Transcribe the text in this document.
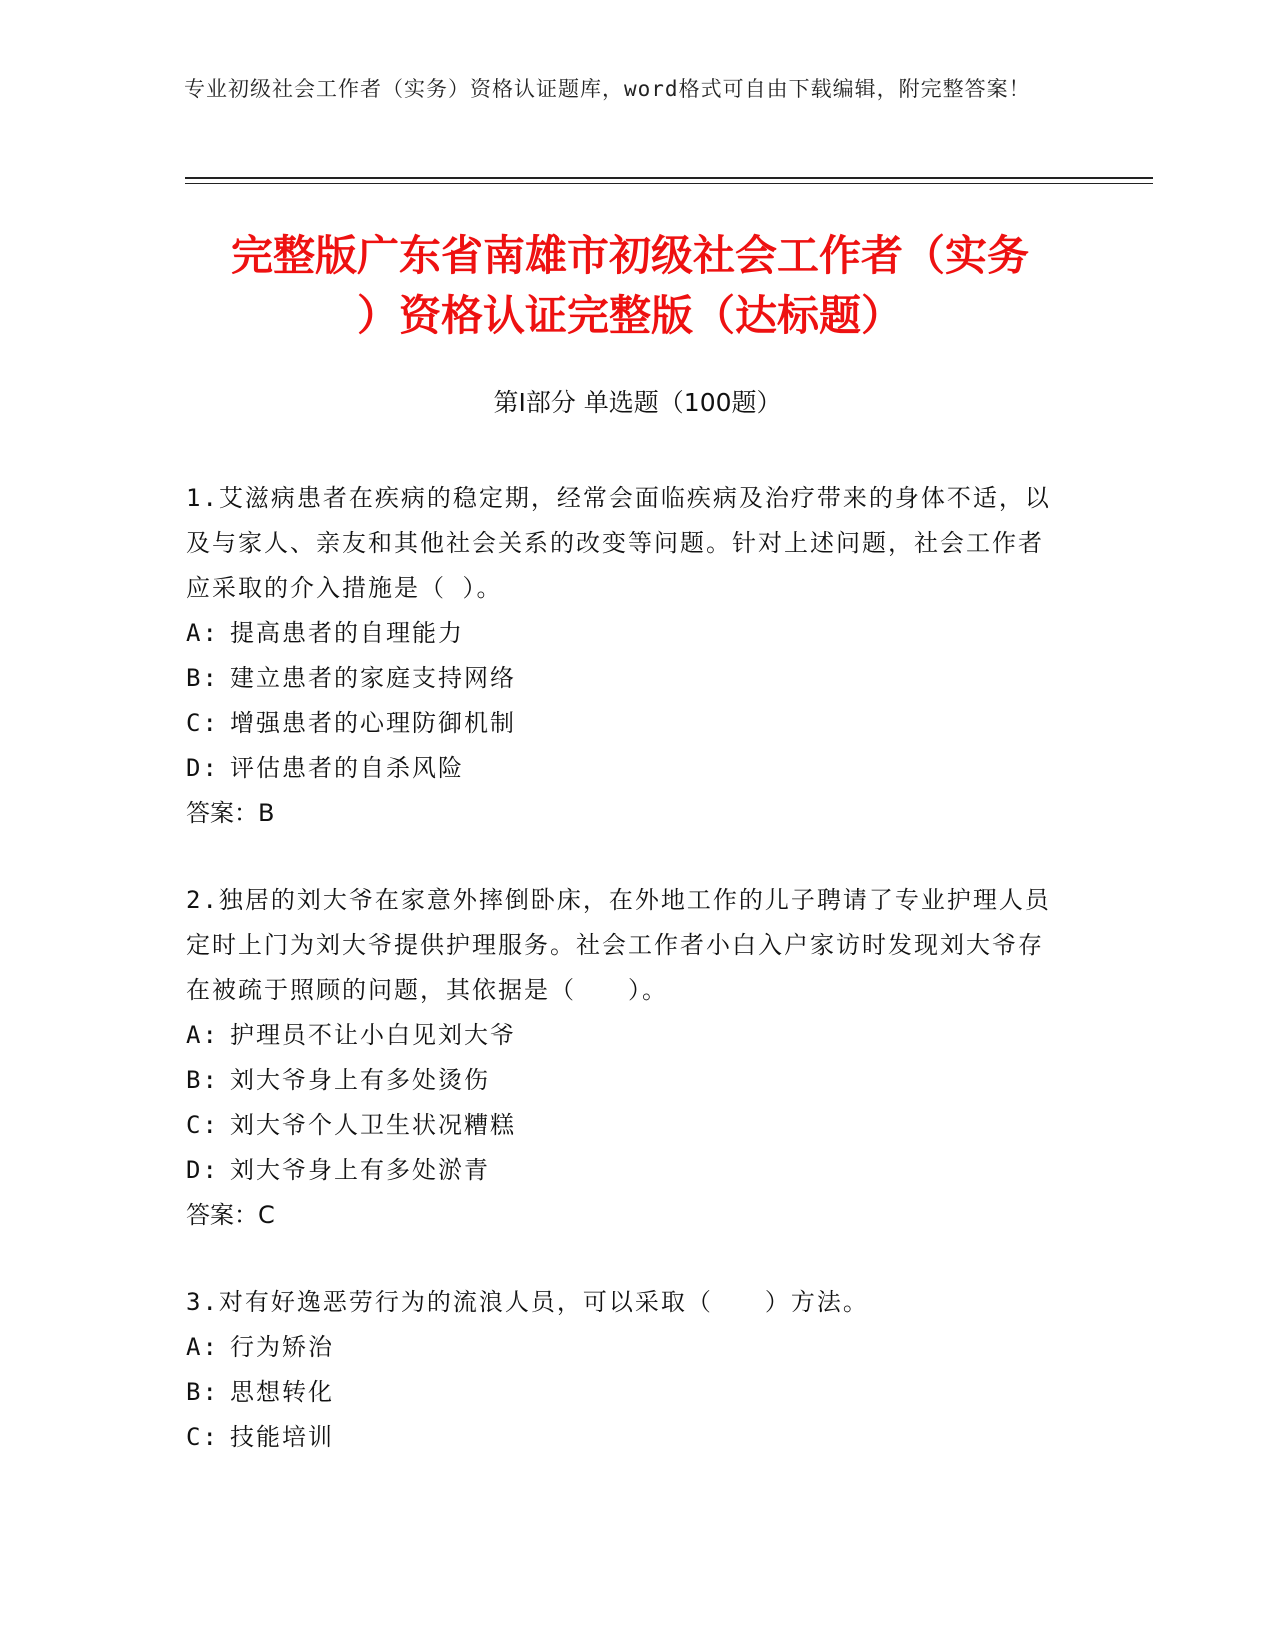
专业初级社会工作者（实务）资格认证题库，word格式可自由下载编辑，附完整答案！
完整版广东省南雄市初级社会工作者（实务
）资格认证完整版（达标题）
第Ⅰ部分 单选题（100题）

1.艾滋病患者在疾病的稳定期，经常会面临疾病及治疗带来的身体不适，以及与家人、亲友和其他社会关系的改变等问题。针对上述问题，社会工作者应采取的介入措施是（ ）。

A: 提高患者的自理能力

B: 建立患者的家庭支持网络

C: 增强患者的心理防御机制

D: 评估患者的自杀风险

答案：B

2.独居的刘大爷在家意外摔倒卧床，在外地工作的儿子聘请了专业护理人员定时上门为刘大爷提供护理服务。社会工作者小白入户家访时发现刘大爷存在被疏于照顾的问题，其依据是（　　）。

A: 护理员不让小白见刘大爷

B: 刘大爷身上有多处烫伤

C: 刘大爷个人卫生状况糟糕

D: 刘大爷身上有多处淤青

答案：C

3.对有好逸恶劳行为的流浪人员，可以采取（　　）方法。

A: 行为矫治

B: 思想转化

C: 技能培训
